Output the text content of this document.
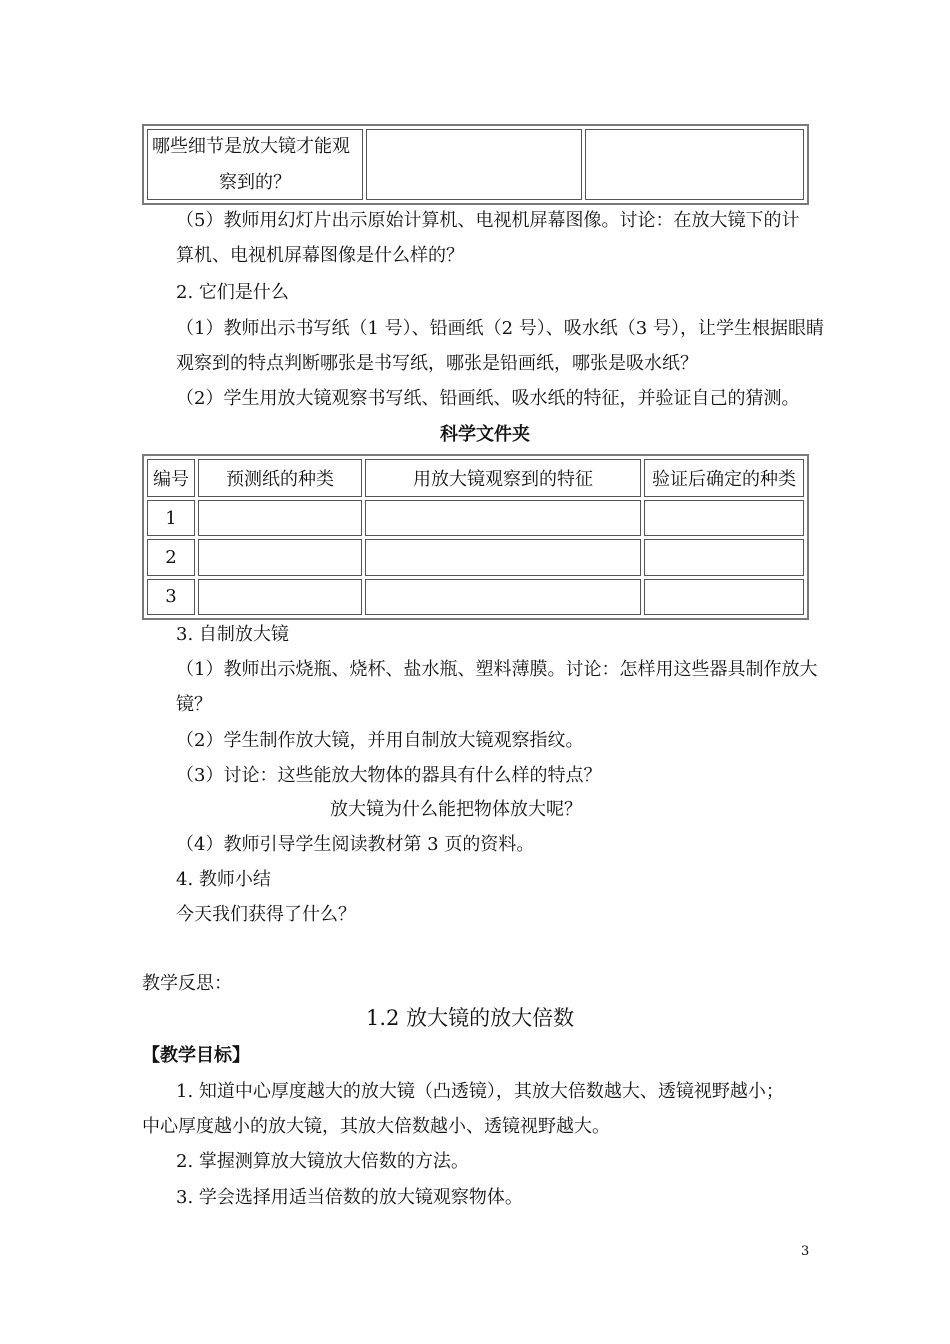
哪些细节是放大镜才能观
察到的？

（5）教师用幻灯片出示原始计算机、电视机屏幕图像。讨论：在放大镜下的计
算机、电视机屏幕图像是什么样的？
2. 它们是什么
（1）教师出示书写纸（1 号）、铅画纸（2 号）、吸水纸（3 号），让学生根据眼睛
观察到的特点判断哪张是书写纸，哪张是铅画纸，哪张是吸水纸？
（2）学生用放大镜观察书写纸、铅画纸、吸水纸的特征，并验证自己的猜测。
科学文件夹
编号	预测纸的种类	用放大镜观察到的特征	验证后确定的种类
1			
2			
3			
3. 自制放大镜
（1）教师出示烧瓶、烧杯、盐水瓶、塑料薄膜。讨论：怎样用这些器具制作放大
镜？
（2）学生制作放大镜，并用自制放大镜观察指纹。
（3）讨论：这些能放大物体的器具有什么样的特点？
放大镜为什么能把物体放大呢？
（4）教师引导学生阅读教材第 3 页的资料。
4. 教师小结
今天我们获得了什么？
教学反思：
1.2 放大镜的放大倍数
【教学目标】
1. 知道中心厚度越大的放大镜（凸透镜），其放大倍数越大、透镜视野越小；
中心厚度越小的放大镜，其放大倍数越小、透镜视野越大。
2. 掌握测算放大镜放大倍数的方法。
3. 学会选择用适当倍数的放大镜观察物体。
3
